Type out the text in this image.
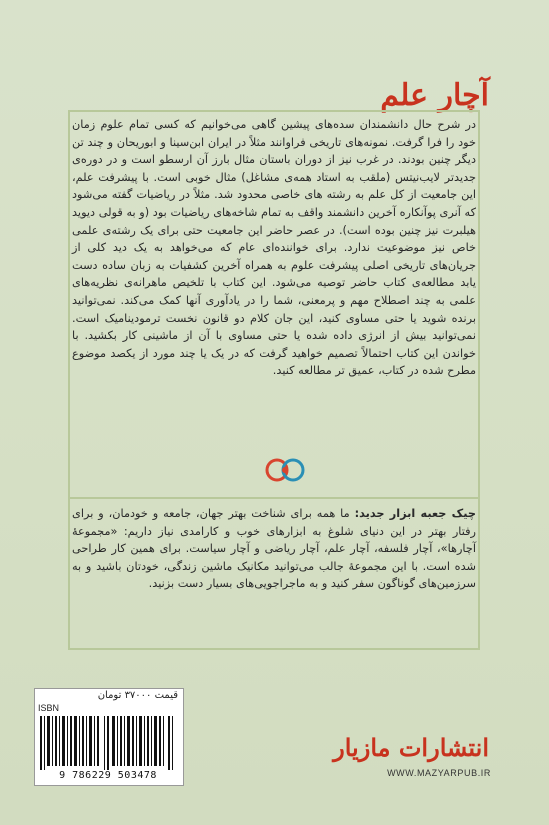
آچار علم

در شرح حال دانشمندان سده‌های پیشین گاهی می‌خوانیم که کسی تمام علوم زمان خود را فرا گرفت. نمونه‌های تاریخی فراوانند مثلاً در ایران ابن‌سینا و ابوریحان و چند تن دیگر چنین بودند. در غرب نیز از دوران باستان مثال بارز آن ارسطو است و در دوره‌ی جدیدتر لایب‌نیتس (ملقب به استاد همه‌ی مشاغل) مثال خوبی است. با پیشرفت علم، این جامعیت از کل علم به رشته‌ های خاصی محدود شد. مثلاً در ریاضیات گفته می‌شود که آنری پوآنکاره آخرین دانشمند واقف به تمام شاخه‌های ریاضیات بود (و به قولی دیوید هیلبرت نیز چنین بوده است). در عصر حاضر این جامعیت حتی برای یک رشته‌ی علمی خاص نیز موضوعیت ندارد. برای خواننده‌ای عام که می‌خواهد به یک دید کلی از جریان‌های تاریخی اصلی پیشرفت علوم به همراه آخرین کشفیات به زبان ساده دست یابد مطالعه‌ی کتاب حاضر توصیه می‌شود. این کتاب با تلخیص ماهرانه‌ی نظریه‌های علمی به چند اصطلاح مهم و پرمعنی، شما را در یادآوری آنها کمک می‌کند. نمی‌توانید برنده شوید یا حتی مساوی کنید، این جان کلام دو قانون نخست ترمودینامیک است. نمی‌توانید بیش از انرژی داده شده یا حتی مساوی با آن از ماشینی کار بکشید. با خواندن این کتاب احتمالاً تصمیم خواهید گرفت که در یک یا چند مورد از یکصد موضوع مطرح شده در کتاب، عمیق تر مطالعه کنید.

چیک جعبه ابزار جدید: ما همه برای شناخت بهتر جهان، جامعه و خودمان، و برای رفتار بهتر در این دنیای شلوغ به ابزارهای خوب و کارامدی نیاز داریم: «مجموعهٔ آچارها»، آچار فلسفه، آچار علم، آچار ریاضی و آچار سیاست. برای همین کار طراحی شده است. با این مجموعهٔ جالب می‌توانید مکانیک ماشین زندگی، خودتان باشید و به سرزمین‌های گوناگون سفر کنید و به ماجراجویی‌های بسیار دست بزنید.

قیمت ۳۷۰۰۰ تومان
ISBN
9 786229 503478
انتشارات مازیار
WWW.MAZYARPUB.IR
